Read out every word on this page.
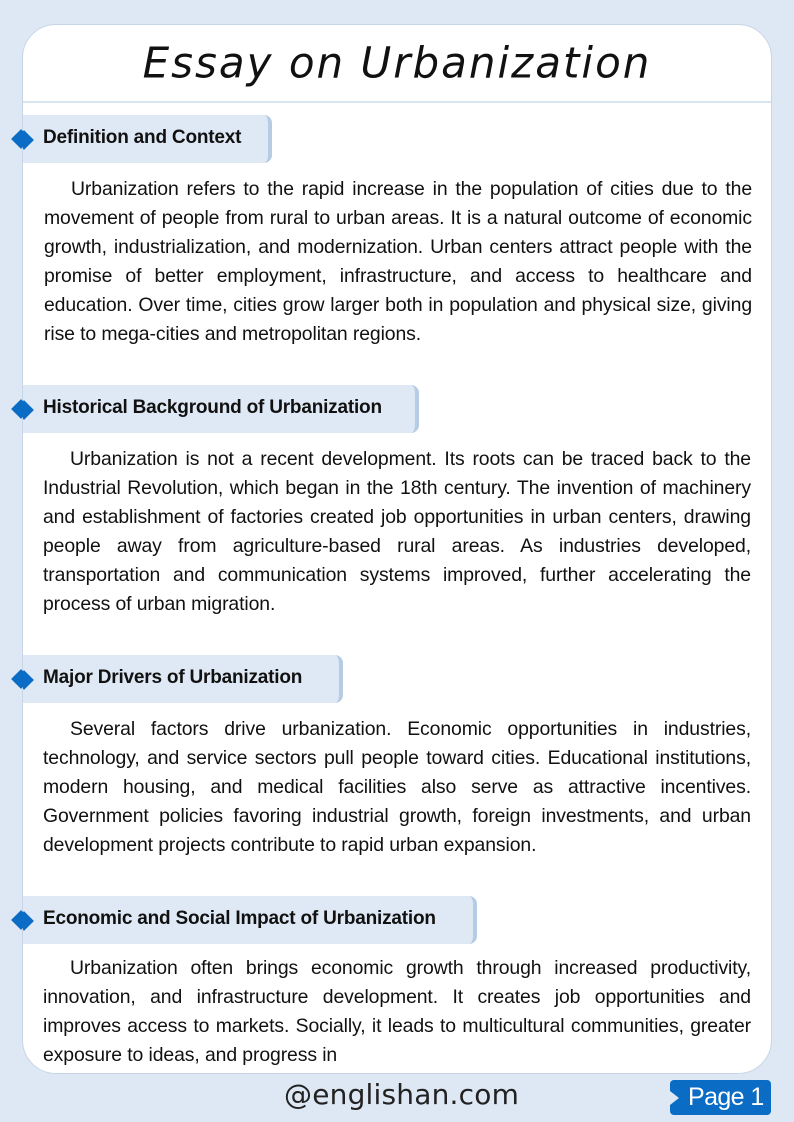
Essay on Urbanization
Definition and Context
Urbanization refers to the rapid increase in the population of cities due to the movement of people from rural to urban areas. It is a natural outcome of economic growth, industrialization, and modernization. Urban centers attract people with the promise of better employment, infrastructure, and access to healthcare and education. Over time, cities grow larger both in population and physical size, giving rise to mega-cities and metropolitan regions.
Historical Background of Urbanization
Urbanization is not a recent development. Its roots can be traced back to the Industrial Revolution, which began in the 18th century. The invention of machinery and establishment of factories created job opportunities in urban centers, drawing people away from agriculture-based rural areas. As industries developed, transportation and communication systems improved, further accelerating the process of urban migration.
Major Drivers of Urbanization
Several factors drive urbanization. Economic opportunities in industries, technology, and service sectors pull people toward cities. Educational institutions, modern housing, and medical facilities also serve as attractive incentives. Government policies favoring industrial growth, foreign investments, and urban development projects contribute to rapid urban expansion.
Economic and Social Impact of Urbanization
Urbanization often brings economic growth through increased productivity, innovation, and infrastructure development. It creates job opportunities and improves access to markets. Socially, it leads to multicultural communities, greater exposure to ideas, and progress in
@englishan.com	Page 1
